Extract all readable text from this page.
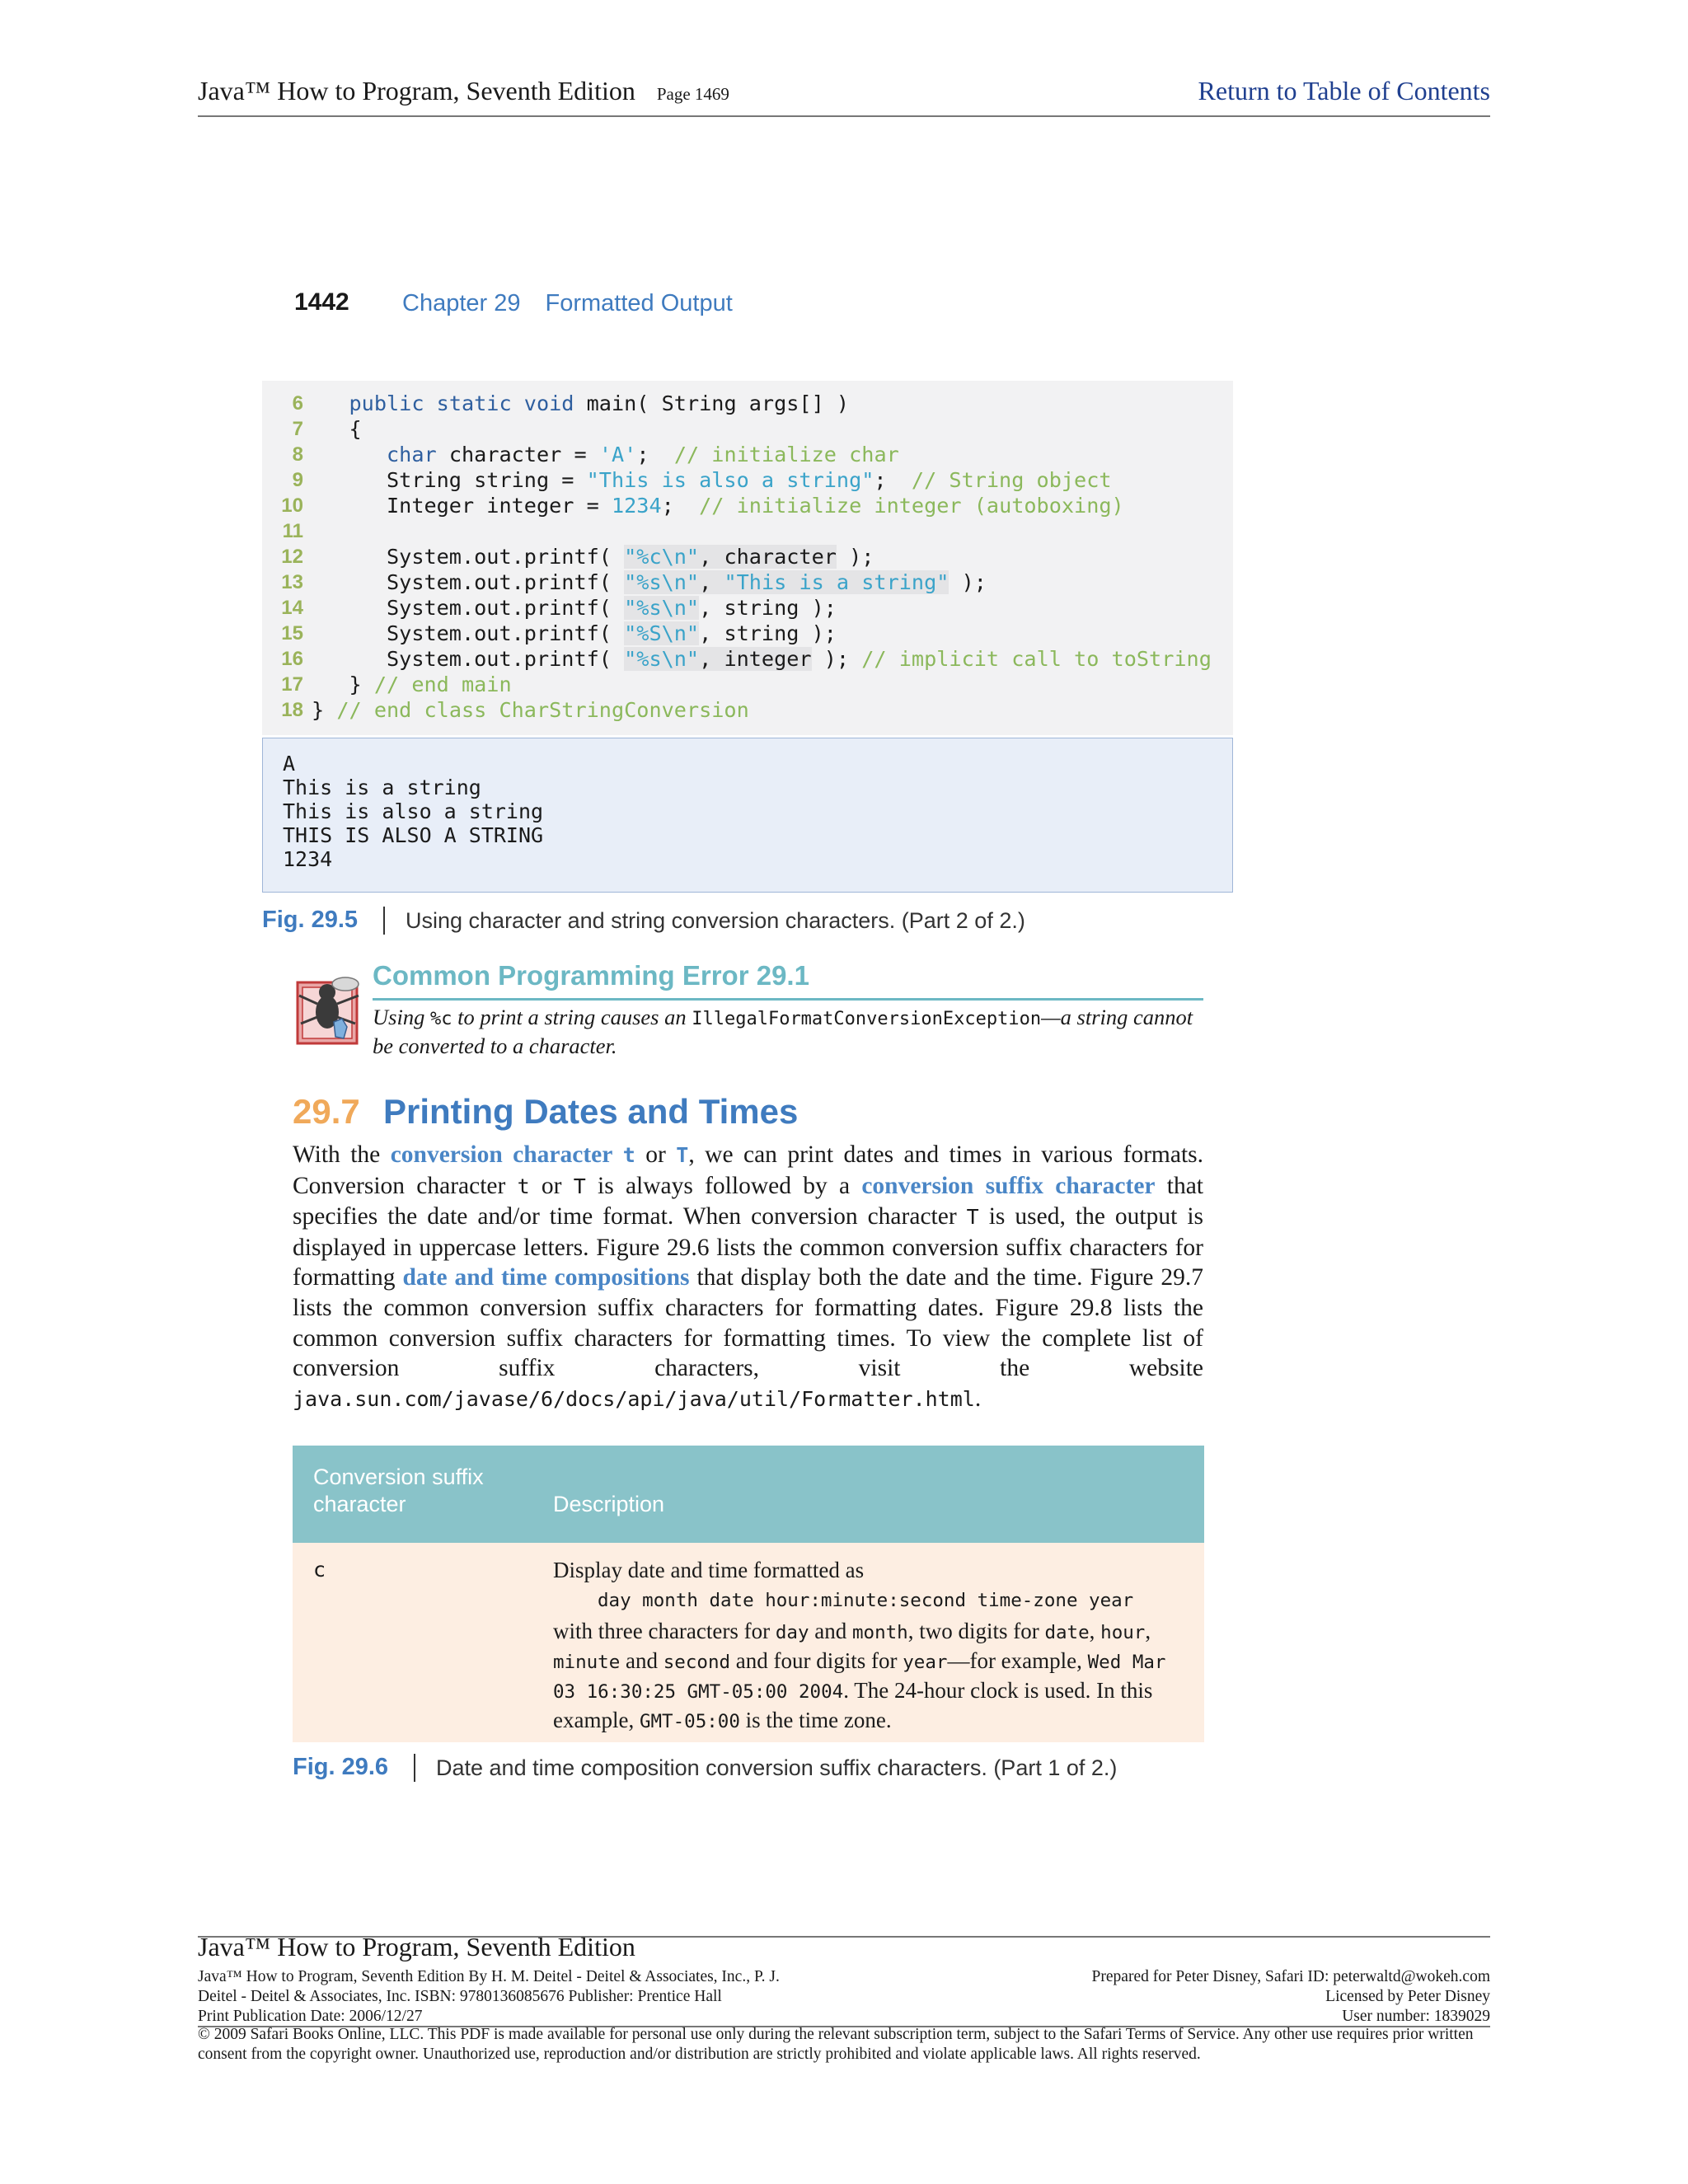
Java™ How to Program, Seventh Edition Page 1469	Return to Table of Contents
1442 Chapter 29 Formatted Output
6	public static void main( String args[] )
7 {
8	char character = 'A';  // initialize char
9 String string = "This is also a string";  // String object
10 Integer integer = 1234;  // initialize integer (autoboxing)
11

12 System.out.printf( "%c\n", character );
13 System.out.printf( "%s\n", "This is a string" );
14 System.out.printf( "%s\n", string );
15 System.out.printf( "%S\n", string );
16 System.out.printf( "%s\n", integer ); // implicit call to toString
17 } // end main
18 } // end class CharStringConversion
A
This is a string
This is also a string
THIS IS ALSO A STRING
1234
Fig. 29.5 Using character and string conversion characters. (Part 2 of 2.)
Common Programming Error 29.1
Using %c to print a string causes an IllegalFormatConversionException—a string cannot be converted to a character.
29.7 Printing Dates and Times
With the conversion character t or T, we can print dates and times in various formats. Conversion character t or T is always followed by a conversion suffix character that specifies the date and/or time format. When conversion character T is used, the output is displayed in uppercase letters. Figure 29.6 lists the common conversion suffix characters for formatting date and time compositions that display both the date and the time. Figure 29.7 lists the common conversion suffix characters for formatting dates. Figure 29.8 lists the common conversion suffix characters for formatting times. To view the complete list of conversion suffix characters, visit the website java.sun.com/javase/6/docs/api/java/util/Formatter.html.
Conversion suffix
character	Description
c	Display date and time formatted as
day month date hour:minute:second time-zone year
with three characters for day and month, two digits for date, hour, minute and second and four digits for year—for example, Wed Mar 03 16:30:25 GMT-05:00 2004. The 24-hour clock is used. In this example, GMT-05:00 is the time zone.
Fig. 29.6 Date and time composition conversion suffix characters. (Part 1 of 2.)
Java™ How to Program, Seventh Edition
Java™ How to Program, Seventh Edition By H. M. Deitel - Deitel & Associates, Inc., P. J.
Deitel - Deitel & Associates, Inc. ISBN: 9780136085676 Publisher: Prentice Hall
Print Publication Date: 2006/12/27
Prepared for Peter Disney, Safari ID: peterwaltd@wokeh.com
Licensed by Peter Disney
User number: 1839029
© 2009 Safari Books Online, LLC. This PDF is made available for personal use only during the relevant subscription term, subject to the Safari Terms of Service. Any other use requires prior written consent from the copyright owner. Unauthorized use, reproduction and/or distribution are strictly prohibited and violate applicable laws. All rights reserved.
